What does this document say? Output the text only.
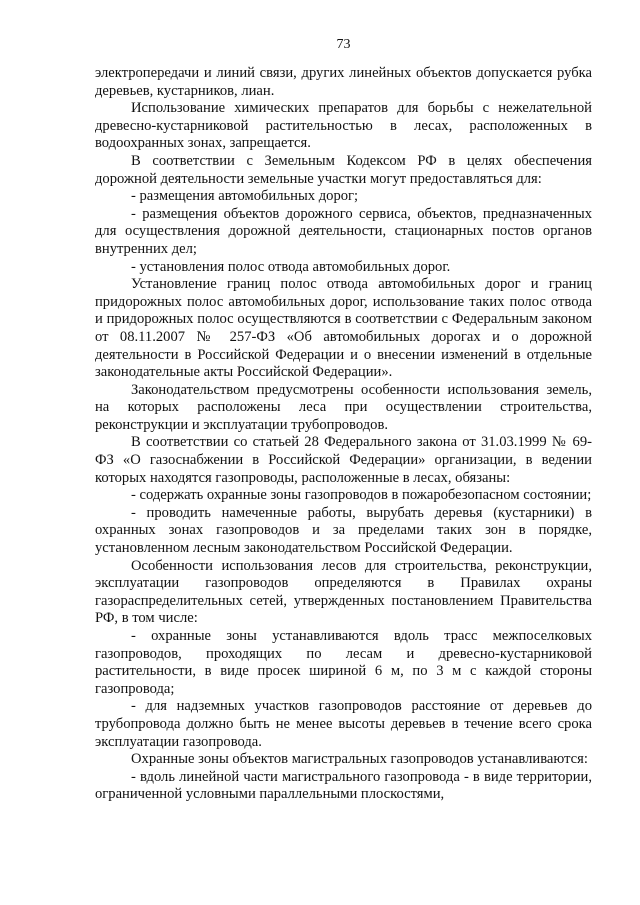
73

электропередачи и линий связи, других линейных объектов допускается рубка деревьев, кустарников, лиан.

Использование химических препаратов для борьбы с нежелательной древесно-кустарниковой растительностью в лесах, расположенных в водоохранных зонах, запрещается.

В соответствии с Земельным Кодексом РФ в целях обеспечения дорожной деятельности земельные участки могут предоставляться для:

- размещения автомобильных дорог;

- размещения объектов дорожного сервиса, объектов, предназначенных для осуществления дорожной деятельности, стационарных постов органов внутренних дел;

- установления полос отвода автомобильных дорог.

Установление границ полос отвода автомобильных дорог и границ придорожных полос автомобильных дорог, использование таких полос отвода и придорожных полос осуществляются в соответствии с Федеральным законом от 08.11.2007 № 257-ФЗ «Об автомобильных дорогах и о дорожной деятельности в Российской Федерации и о внесении изменений в отдельные законодательные акты Российской Федерации».

Законодательством предусмотрены особенности использования земель, на которых расположены леса при осуществлении строительства, реконструкции и эксплуатации трубопроводов.

В соответствии со статьей 28 Федерального закона от 31.03.1999 № 69-ФЗ «О газоснабжении в Российской Федерации» организации, в ведении которых находятся газопроводы, расположенные в лесах, обязаны:

- содержать охранные зоны газопроводов в пожаробезопасном состоянии;

- проводить намеченные работы, вырубать деревья (кустарники) в охранных зонах газопроводов и за пределами таких зон в порядке, установленном лесным законодательством Российской Федерации.

Особенности использования лесов для строительства, реконструкции, эксплуатации газопроводов определяются в Правилах охраны газораспределительных сетей, утвержденных постановлением Правительства РФ, в том числе:

- охранные зоны устанавливаются вдоль трасс межпоселковых газопроводов, проходящих по лесам и древесно-кустарниковой растительности, в виде просек шириной 6 м, по 3 м с каждой стороны газопровода;

- для надземных участков газопроводов расстояние от деревьев до трубопровода должно быть не менее высоты деревьев в течение всего срока эксплуатации газопровода.

Охранные зоны объектов магистральных газопроводов устанавливаются:

- вдоль линейной части магистрального газопровода - в виде территории, ограниченной условными параллельными плоскостями,
